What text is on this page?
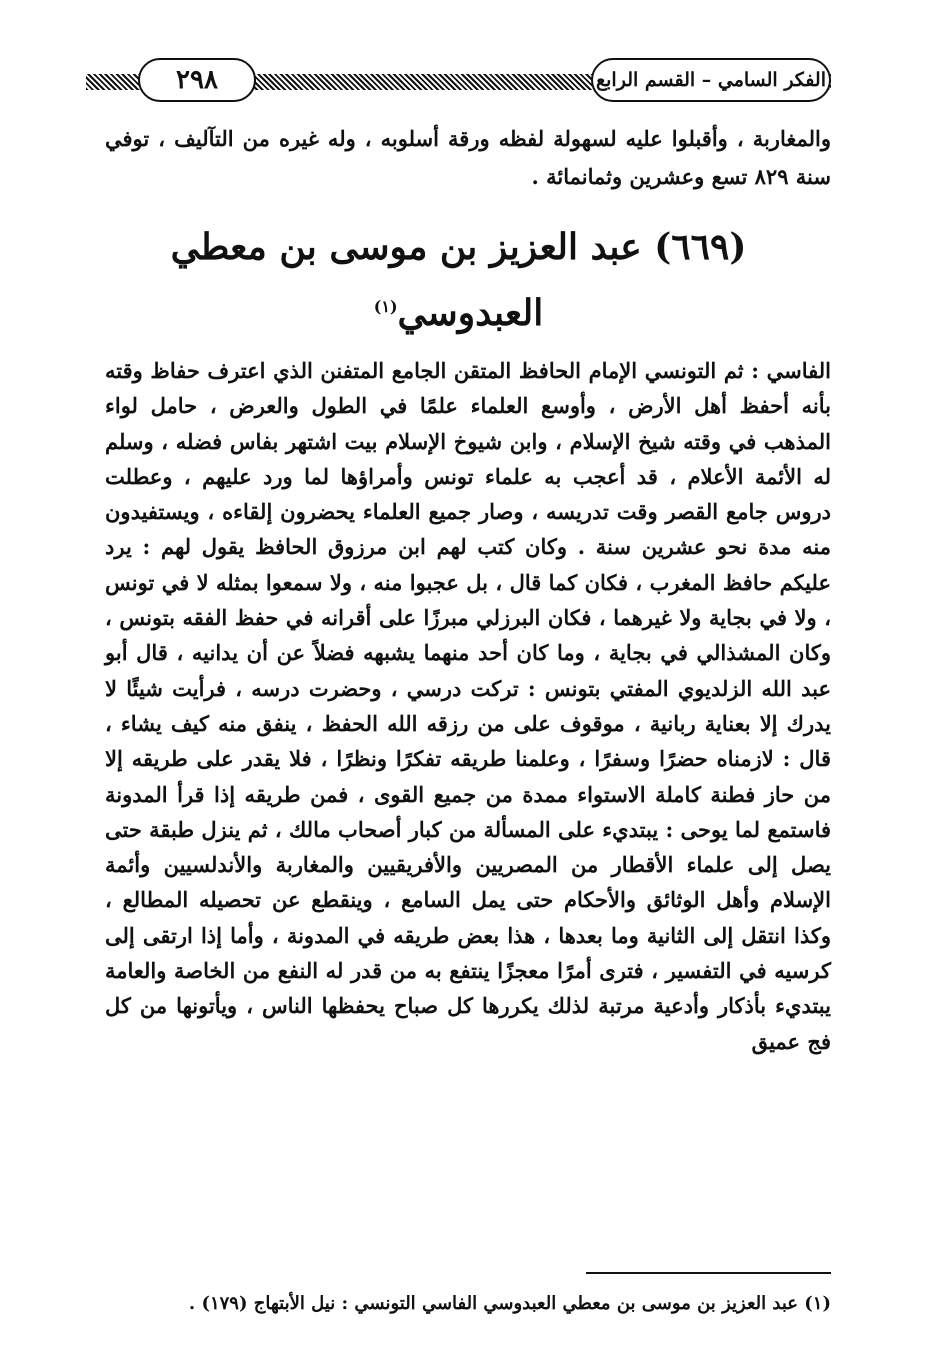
الفكر السامي – القسم الرابع
٢٩٨

والمغاربة ، وأقبلوا عليه لسهولة لفظه ورقة أسلوبه ، وله غيره من التآليف ، توفي سنة ٨٢٩ تسع وعشرين وثمانمائة .

(٦٦٩) عبد العزيز بن موسى بن معطي
العبدوسي$^{(١)}$

الفاسي : ثم التونسي الإمام الحافظ المتقن الجامع المتفنن الذي اعترف حفاظ وقته بأنه أحفظ أهل الأرض ، وأوسع العلماء علمًا في الطول والعرض ، حامل لواء المذهب في وقته شيخ الإسلام ، وابن شيوخ الإسلام بيت اشتهر بفاس فضله ، وسلم له الأئمة الأعلام ، قد أعجب به علماء تونس وأمراؤها لما ورد عليهم ، وعطلت دروس جامع القصر وقت تدريسه ، وصار جميع العلماء يحضرون إلقاءه ، ويستفيدون منه مدة نحو عشرين سنة . وكان كتب لهم ابن مرزوق الحافظ يقول لهم : يرد عليكم حافظ المغرب ، فكان كما قال ، بل عجبوا منه ، ولا سمعوا بمثله لا في تونس ، ولا في بجاية ولا غيرهما ، فكان البرزلي مبرزًا على أقرانه في حفظ الفقه بتونس ، وكان المشذالي في بجاية ، وما كان أحد منهما يشبهه فضلاً عن أن يدانيه ، قال أبو عبد الله الزلديوي المفتي بتونس : تركت درسي ، وحضرت درسه ، فرأيت شيئًا لا يدرك إلا بعناية ربانية ، موقوف على من رزقه الله الحفظ ، ينفق منه كيف يشاء ، قال : لازمناه حضرًا وسفرًا ، وعلمنا طريقه تفكرًا ونظرًا ، فلا يقدر على طريقه إلا من حاز فطنة كاملة الاستواء ممدة من جميع القوى ، فمن طريقه إذا قرأ المدونة فاستمع لما يوحى : يبتديء على المسألة من كبار أصحاب مالك ، ثم ينزل طبقة حتى يصل إلى علماء الأقطار من المصريين والأفريقيين والمغاربة والأندلسيين وأئمة الإسلام وأهل الوثائق والأحكام حتى يمل السامع ، وينقطع عن تحصيله المطالع ، وكذا انتقل إلى الثانية وما بعدها ، هذا بعض طريقه في المدونة ، وأما إذا ارتقى إلى كرسيه في التفسير ، فترى أمرًا معجزًا ينتفع به من قدر له النفع من الخاصة والعامة يبتديء بأذكار وأدعية مرتبة لذلك يكررها كل صباح يحفظها الناس ، ويأتونها من كل فج عميق

(١) عبد العزيز بن موسى بن معطي العبدوسي الفاسي التونسي : نيل الأبتهاج (١٧٩) .
